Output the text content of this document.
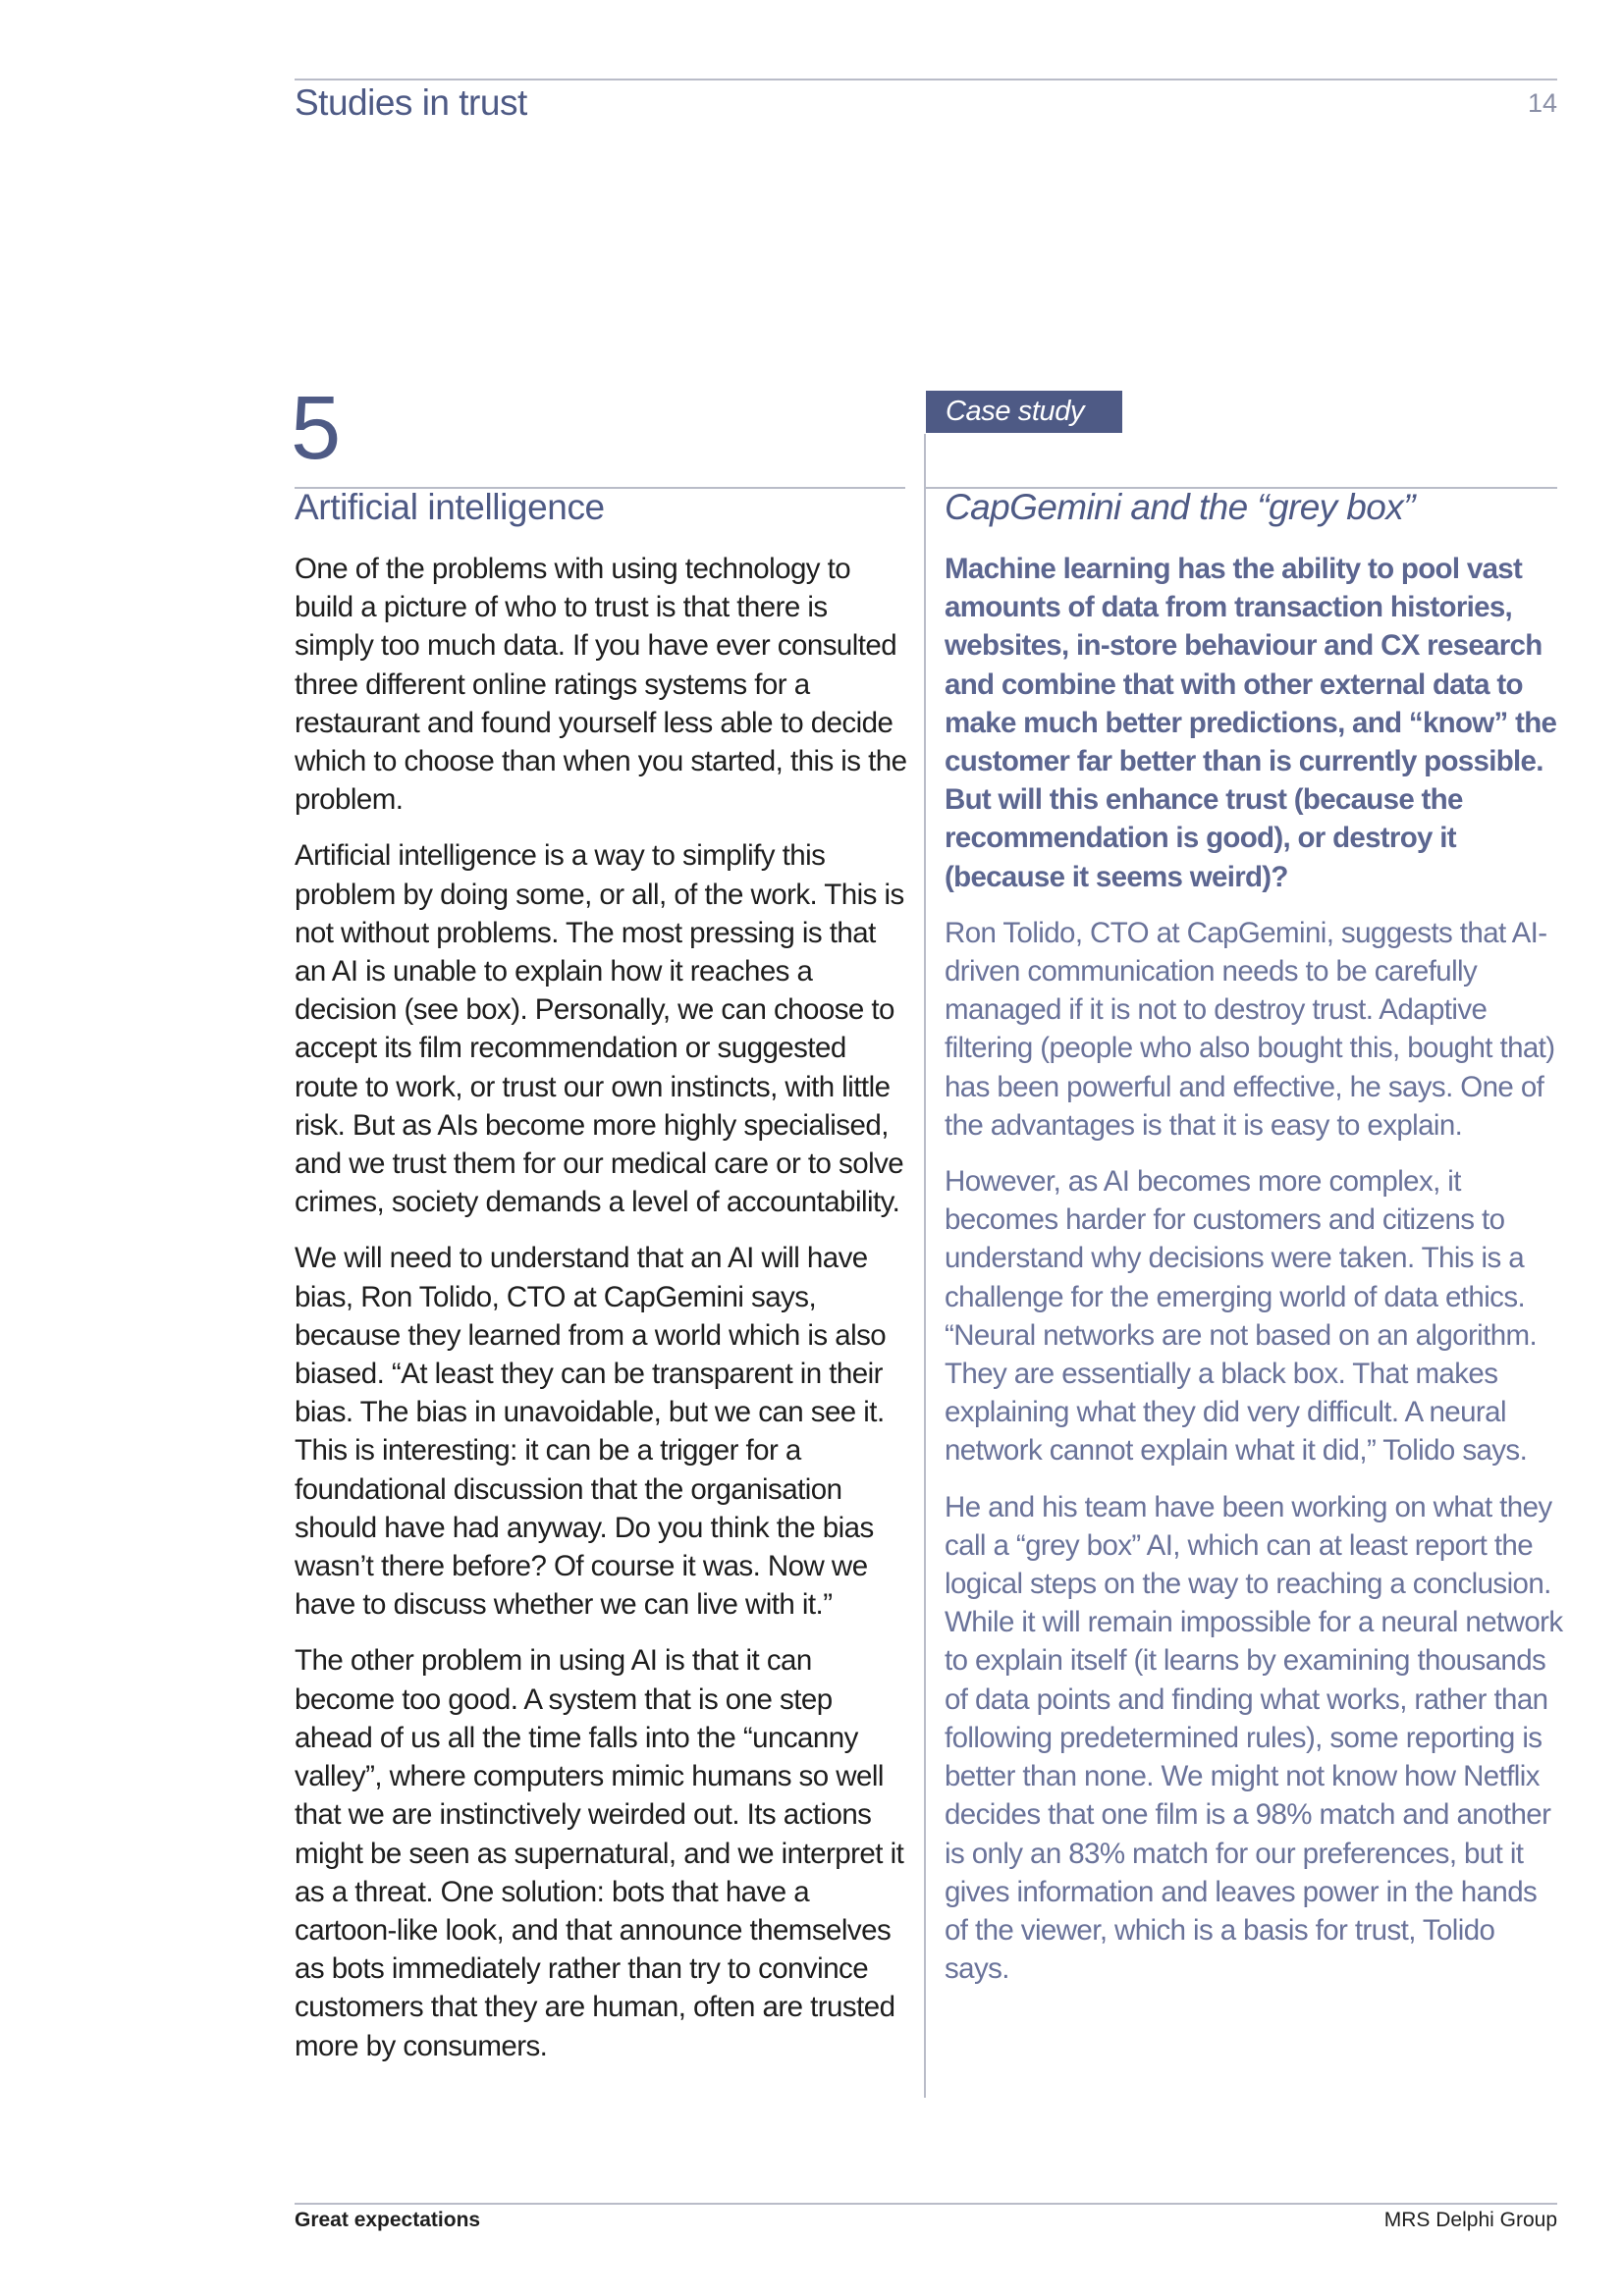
Studies in trust	14
5
Artificial intelligence

One of the problems with using technology to build a picture of who to trust is that there is simply too much data. If you have ever consulted three different online ratings systems for a restaurant and found yourself less able to decide which to choose than when you started, this is the problem.

Artificial intelligence is a way to simplify this problem by doing some, or all, of the work. This is not without problems. The most pressing is that an AI is unable to explain how it reaches a decision (see box). Personally, we can choose to accept its film recommendation or suggested route to work, or trust our own instincts, with little risk. But as AIs become more highly specialised, and we trust them for our medical care or to solve crimes, society demands a level of accountability.

We will need to understand that an AI will have bias, Ron Tolido, CTO at CapGemini says, because they learned from a world which is also biased. “At least they can be transparent in their bias. The bias in unavoidable, but we can see it. This is interesting: it can be a trigger for a foundational discussion that the organisation should have had anyway. Do you think the bias wasn’t there before? Of course it was. Now we have to discuss whether we can live with it.”

The other problem in using AI is that it can become too good. A system that is one step ahead of us all the time falls into the “uncanny valley”, where computers mimic humans so well that we are instinctively weirded out. Its actions might be seen as supernatural, and we interpret it as a threat. One solution: bots that have a cartoon-like look, and that announce themselves as bots immediately rather than try to convince customers that they are human, often are trusted more by consumers.

Case study
CapGemini and the “grey box”

Machine learning has the ability to pool vast amounts of data from transaction histories, websites, in-store behaviour and CX research and combine that with other external data to make much better predictions, and “know” the customer far better than is currently possible. But will this enhance trust (because the recommendation is good), or destroy it (because it seems weird)?

Ron Tolido, CTO at CapGemini, suggests that AI-driven communication needs to be carefully managed if it is not to destroy trust. Adaptive filtering (people who also bought this, bought that) has been powerful and effective, he says. One of the advantages is that it is easy to explain.

However, as AI becomes more complex, it becomes harder for customers and citizens to understand why decisions were taken. This is a challenge for the emerging world of data ethics. “Neural networks are not based on an algorithm. They are essentially a black box. That makes explaining what they did very difficult. A neural network cannot explain what it did,” Tolido says.

He and his team have been working on what they call a “grey box” AI, which can at least report the logical steps on the way to reaching a conclusion. While it will remain impossible for a neural network to explain itself (it learns by examining thousands of data points and finding what works, rather than following predetermined rules), some reporting is better than none. We might not know how Netflix decides that one film is a 98% match and another is only an 83% match for our preferences, but it gives information and leaves power in the hands of the viewer, which is a basis for trust, Tolido says.

Great expectations	MRS Delphi Group
